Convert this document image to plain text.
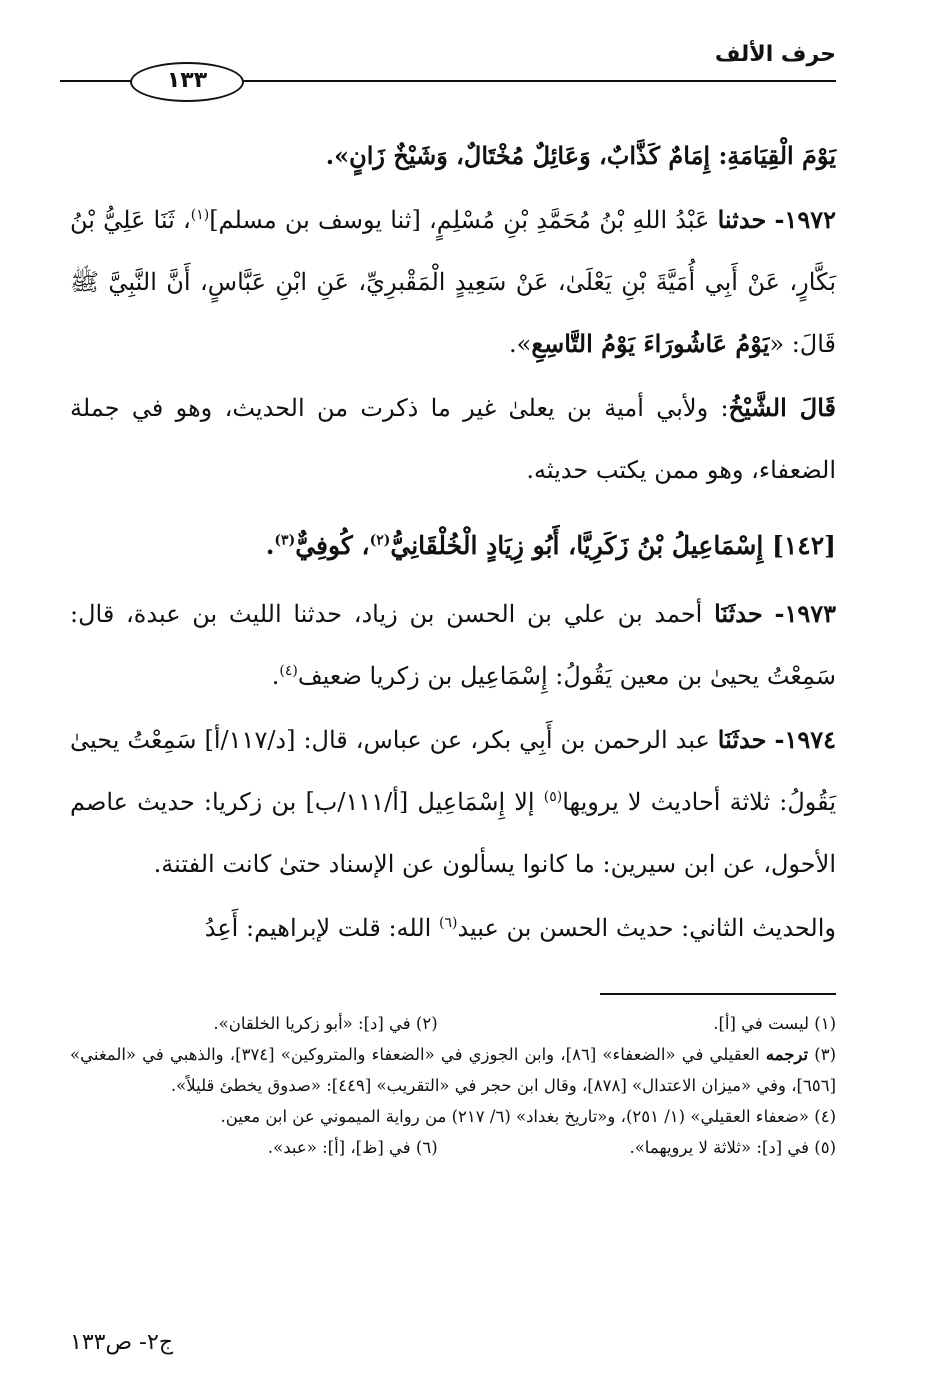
حرف الألف
١٣٣

يَوْمَ الْقِيَامَةِ: إِمَامٌ كَذَّابٌ، وَعَائِلٌ مُخْتَالٌ، وَشَيْخٌ زَانٍ».

١٩٧٢- حدثنا عَبْدُ اللهِ بْنُ مُحَمَّدِ بْنِ مُسْلِمٍ، [ثنا يوسف بن مسلم]$^{(١)}$، ثَنَا عَلِيُّ بْنُ بَكَّارٍ، عَنْ أَبِي أُمَيَّةَ بْنِ يَعْلَىٰ، عَنْ سَعِيدٍ الْمَقْبرِيِّ، عَنِ ابْنِ عَبَّاسٍ، أَنَّ النَّبِيَّ ﷺ قَالَ: «يَوْمُ عَاشُورَاءَ يَوْمُ التَّاسِعِ».

قَالَ الشَّيْخُ: ولأبي أمية بن يعلىٰ غير ما ذكرت من الحديث، وهو في جملة الضعفاء، وهو ممن يكتب حديثه.

[١٤٢] إِسْمَاعِيلُ بْنُ زَكَرِيَّا، أَبُو زِيَادٍ الْخُلْقَانِيُّ$^{(٢)}$، كُوفِيٌّ$^{(٣)}$.

١٩٧٣- حدثَنَا أحمد بن علي بن الحسن بن زياد، حدثنا الليث بن عبدة، قال: سَمِعْتُ يحيىٰ بن معين يَقُولُ: إِسْمَاعِيل بن زكريا ضعيف$^{(٤)}$.

١٩٧٤- حدثَنَا عبد الرحمن بن أَبِي بكر، عن عباس، قال: [د/١١٧/أ] سَمِعْتُ يحيىٰ يَقُولُ: ثلاثة أحاديث لا يرويها$^{(٥)}$ إلا إِسْمَاعِيل [أ/١١١/ب] بن زكريا: حديث عاصم الأحول، عن ابن سيرين: ما كانوا يسألون عن الإسناد حتىٰ كانت الفتنة.

والحديث الثاني: حديث الحسن بن عبيد$^{(٦)}$ الله: قلت لإبراهيم: أَعِدُ

(١) ليست في [أ].
(٢) في [د]: «أبو زكريا الخلقان».

(٣) ترجمه العقيلي في «الضعفاء» [٨٦]، وابن الجوزي في «الضعفاء والمتروكين» [٣٧٤]، والذهبي في «المغني» [٦٥٦]، وفي «ميزان الاعتدال» [٨٧٨]، وقال ابن حجر في «التقريب» [٤٤٩]: «صدوق يخطئ قليلاً».

(٤) «ضعفاء العقيلي» (١/ ٢٥١)، و«تاريخ بغداد» (٦/ ٢١٧) من رواية الميموني عن ابن معين.

(٥) في [د]: «ثلاثة لا يرويهما».
(٦) في [ظ]، [أ]: «عبد».
ج٢- ص١٣٣
